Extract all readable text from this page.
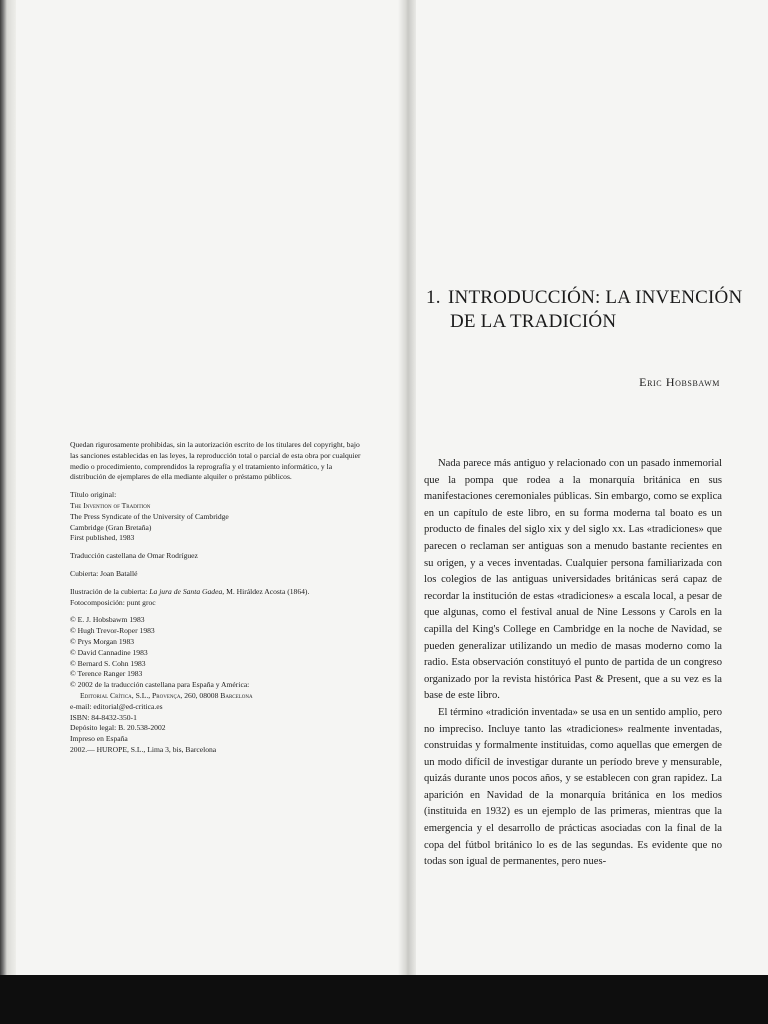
Quedan rigurosamente prohibidas, sin la autorización escrito de los titulares del copyright, bajo las sanciones establecidas en las leyes, la reproducción total o parcial de esta obra por cualquier medio o procedimiento, comprendidos la reprografía y el tratamiento informático, y la distribución de ejemplares de ella mediante alquiler o préstamo públicos.

Título original:

The Invention of Tradition

The Press Syndicate of the University of Cambridge

Cambridge (Gran Bretaña)

First published, 1983

Traducción castellana de Omar Rodríguez

Cubierta: Joan Batallé

Ilustración de la cubierta: La jura de Santa Gadea, M. Hiráldez Acosta (1864).

Fotocomposición: punt groc

© E. J. Hobsbawm 1983

© Hugh Trevor-Roper 1983

© Prys Morgan 1983

© David Cannadine 1983

© Bernard S. Cohn 1983

© Terence Ranger 1983

© 2002 de la traducción castellana para España y América:

Editorial Crítica, S.L., Provença, 260, 08008 Barcelona

e-mail: editorial@ed-critica.es

ISBN: 84-8432-350-1

Depósito legal: B. 20.538-2002

Impreso en España

2002.— HUROPE, S.L., Lima 3, bis, Barcelona

1. INTRODUCCIÓN: LA INVENCIÓN
DE LA TRADICIÓN
Eric Hobsbawm

Nada parece más antiguo y relacionado con un pasado inmemorial que la pompa que rodea a la monarquía británica en sus manifestaciones ceremoniales públicas. Sin embargo, como se explica en un capítulo de este libro, en su forma moderna tal boato es un producto de finales del siglo xix y del siglo xx. Las «tradiciones» que parecen o reclaman ser antiguas son a menudo bastante recientes en su origen, y a veces inventadas. Cualquier persona familiarizada con los colegios de las antiguas universidades británicas será capaz de recordar la institución de estas «tradiciones» a escala local, a pesar de que algunas, como el festival anual de Nine Lessons y Carols en la capilla del King's College en Cambridge en la noche de Navidad, se pueden generalizar utilizando un medio de masas moderno como la radio. Esta observación constituyó el punto de partida de un congreso organizado por la revista histórica Past & Present, que a su vez es la base de este libro.

El término «tradición inventada» se usa en un sentido amplio, pero no impreciso. Incluye tanto las «tradiciones» realmente inventadas, construidas y formalmente instituidas, como aquellas que emergen de un modo difícil de investigar durante un período breve y mensurable, quizás durante unos pocos años, y se establecen con gran rapidez. La aparición en Navidad de la monarquía británica en los medios (instituida en 1932) es un ejemplo de las primeras, mientras que la emergencia y el desarrollo de prácticas asociadas con la final de la copa del fútbol británico lo es de las segundas. Es evidente que no todas son igual de permanentes, pero nues-
